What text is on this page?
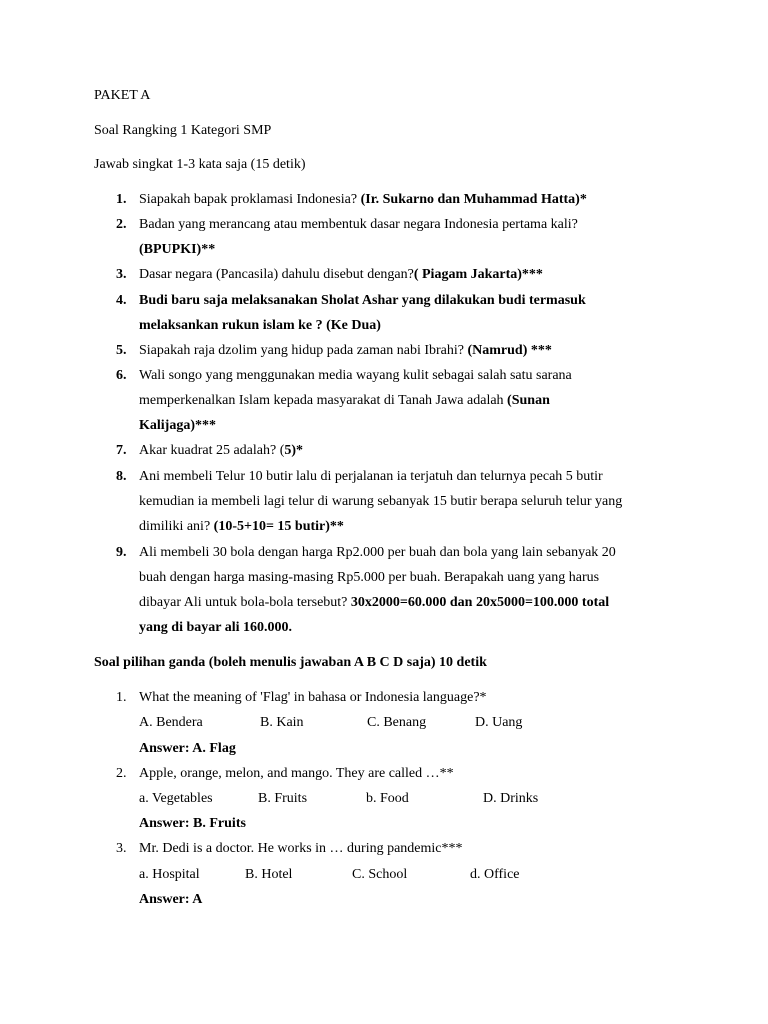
PAKET A
Soal Rangking 1 Kategori SMP
Jawab singkat 1-3 kata saja (15 detik)
1. Siapakah bapak proklamasi Indonesia? (Ir. Sukarno dan Muhammad Hatta)*
2. Badan yang merancang atau membentuk dasar negara Indonesia pertama kali?
(BPUPKI)**
3. Dasar negara (Pancasila) dahulu disebut dengan?( Piagam Jakarta)***
4. Budi baru saja melaksanakan Sholat Ashar yang dilakukan budi termasuk
melaksankan rukun islam ke ? (Ke Dua)
5. Siapakah raja dzolim yang hidup pada zaman nabi Ibrahi? (Namrud) ***
6. Wali songo yang menggunakan media wayang kulit sebagai salah satu sarana
memperkenalkan Islam kepada masyarakat di Tanah Jawa adalah (Sunan
Kalijaga)***
7. Akar kuadrat 25 adalah? (5)*
8. Ani membeli Telur 10 butir lalu di perjalanan ia terjatuh dan telurnya pecah 5 butir
kemudian ia membeli lagi telur di warung sebanyak 15 butir berapa seluruh telur yang
dimiliki ani? (10-5+10= 15 butir)**
9. Ali membeli 30 bola dengan harga Rp2.000 per buah dan bola yang lain sebanyak 20
buah dengan harga masing-masing Rp5.000 per buah. Berapakah uang yang harus
dibayar Ali untuk bola-bola tersebut? 30x2000=60.000 dan 20x5000=100.000 total
yang di bayar ali 160.000.
Soal pilihan ganda (boleh menulis jawaban A B C D saja) 10 detik
1. What the meaning of 'Flag' in bahasa or Indonesia language?*
A. Bendera	B. Kain	C. Benang	D. Uang
Answer: A. Flag
2. Apple, orange, melon, and mango. They are called …**
a. Vegetables	B. Fruits	b. Food	D. Drinks
Answer: B. Fruits
3. Mr. Dedi is a doctor. He works in … during pandemic***
a. Hospital	B. Hotel	C. School	d. Office
Answer: A
